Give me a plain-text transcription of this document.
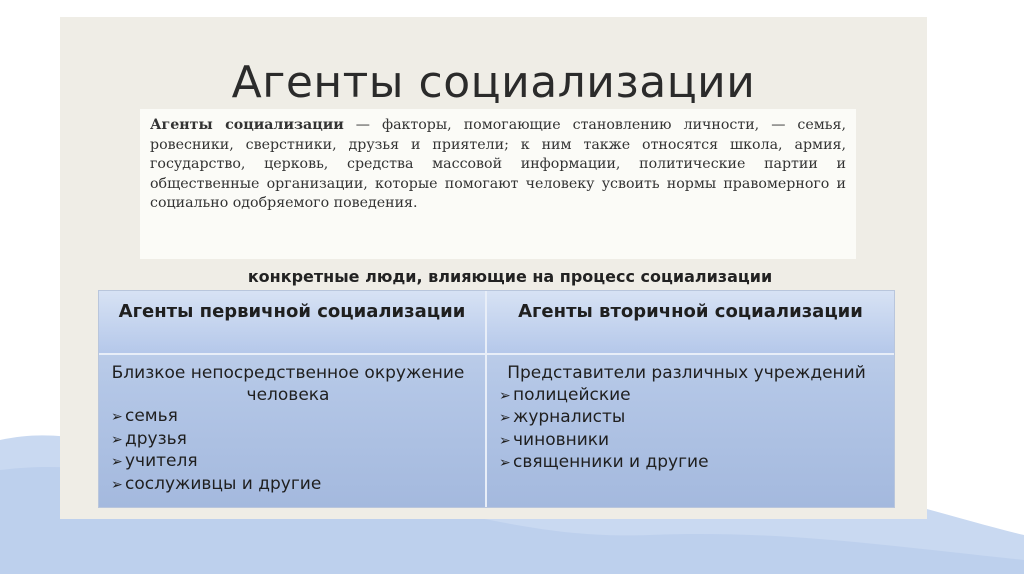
Агенты социализации
Агенты социализации — факторы, помогающие становлению личности, — семья, ровесники, сверстники, друзья и приятели; к ним также относятся школа, армия, государство, церковь, средства массовой информации, политические партии и общественные организации, которые помогают человеку усвоить нормы правомерного и социально одобряемого поведения.
конкретные люди, влияющие на процесс социализации
Агенты первичной социализации	Агенты вторичной социализации
Близкое непосредственное окружение человека
➢ семья
➢ друзья
➢ учителя
➢ сослуживцы и другие
Представители различных учреждений
➢ полицейские
➢ журналисты
➢ чиновники
➢ священники и другие
